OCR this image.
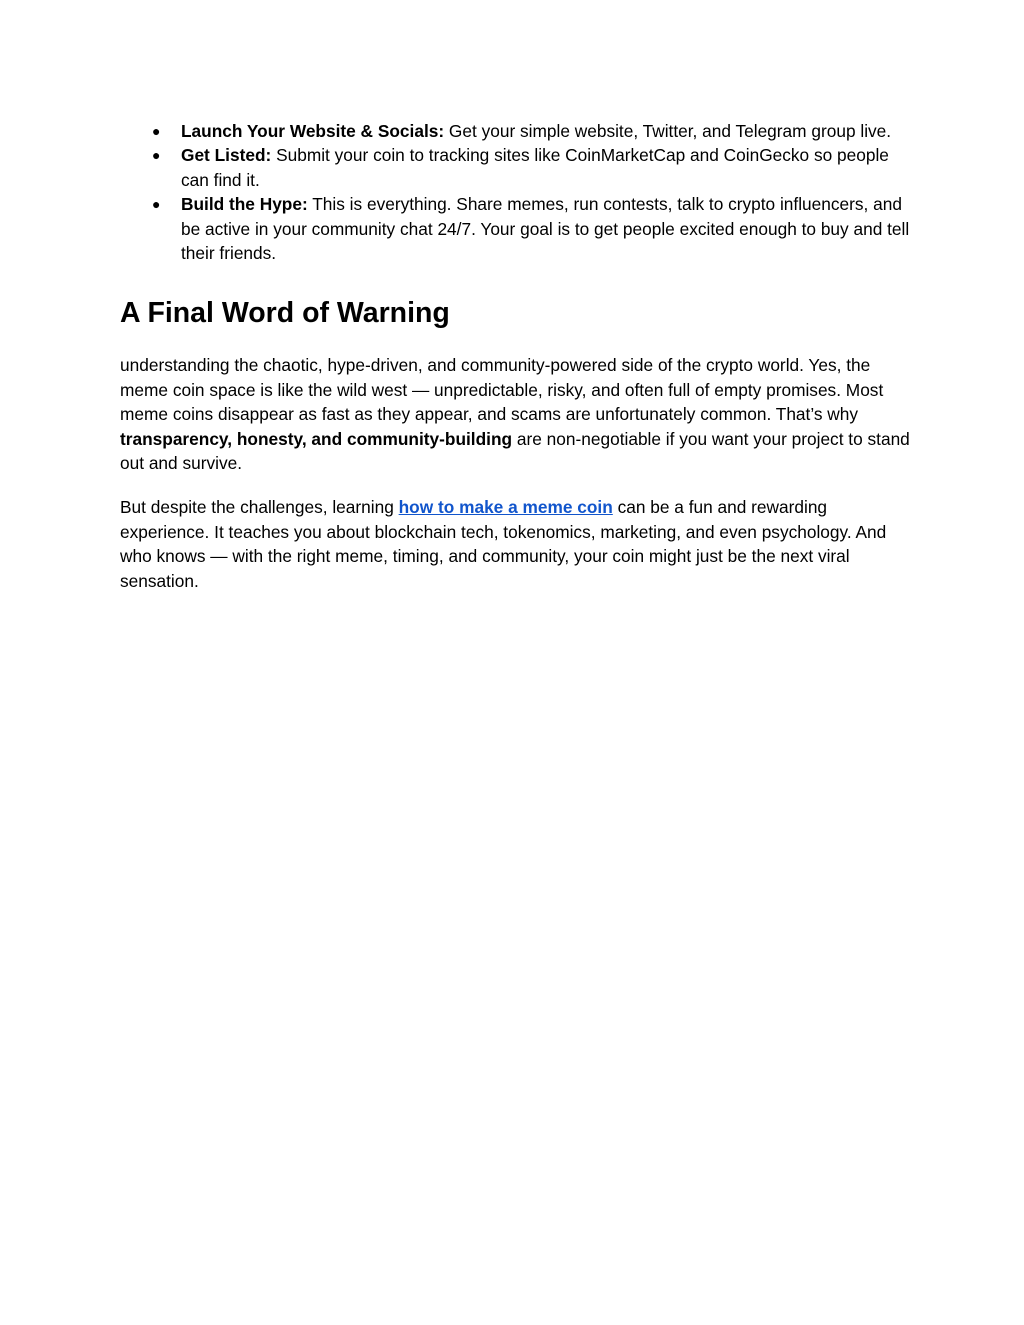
● Launch Your Website & Socials: Get your simple website, Twitter, and Telegram group live.
● Get Listed: Submit your coin to tracking sites like CoinMarketCap and CoinGecko so people can find it.
● Build the Hype: This is everything. Share memes, run contests, talk to crypto influencers, and be active in your community chat 24/7. Your goal is to get people excited enough to buy and tell their friends.
A Final Word of Warning

understanding the chaotic, hype-driven, and community-powered side of the crypto world. Yes, the meme coin space is like the wild west — unpredictable, risky, and often full of empty promises. Most meme coins disappear as fast as they appear, and scams are unfortunately common. That’s why transparency, honesty, and community-building are non-negotiable if you want your project to stand out and survive.

But despite the challenges, learning how to make a meme coin can be a fun and rewarding experience. It teaches you about blockchain tech, tokenomics, marketing, and even psychology. And who knows — with the right meme, timing, and community, your coin might just be the next viral sensation.
